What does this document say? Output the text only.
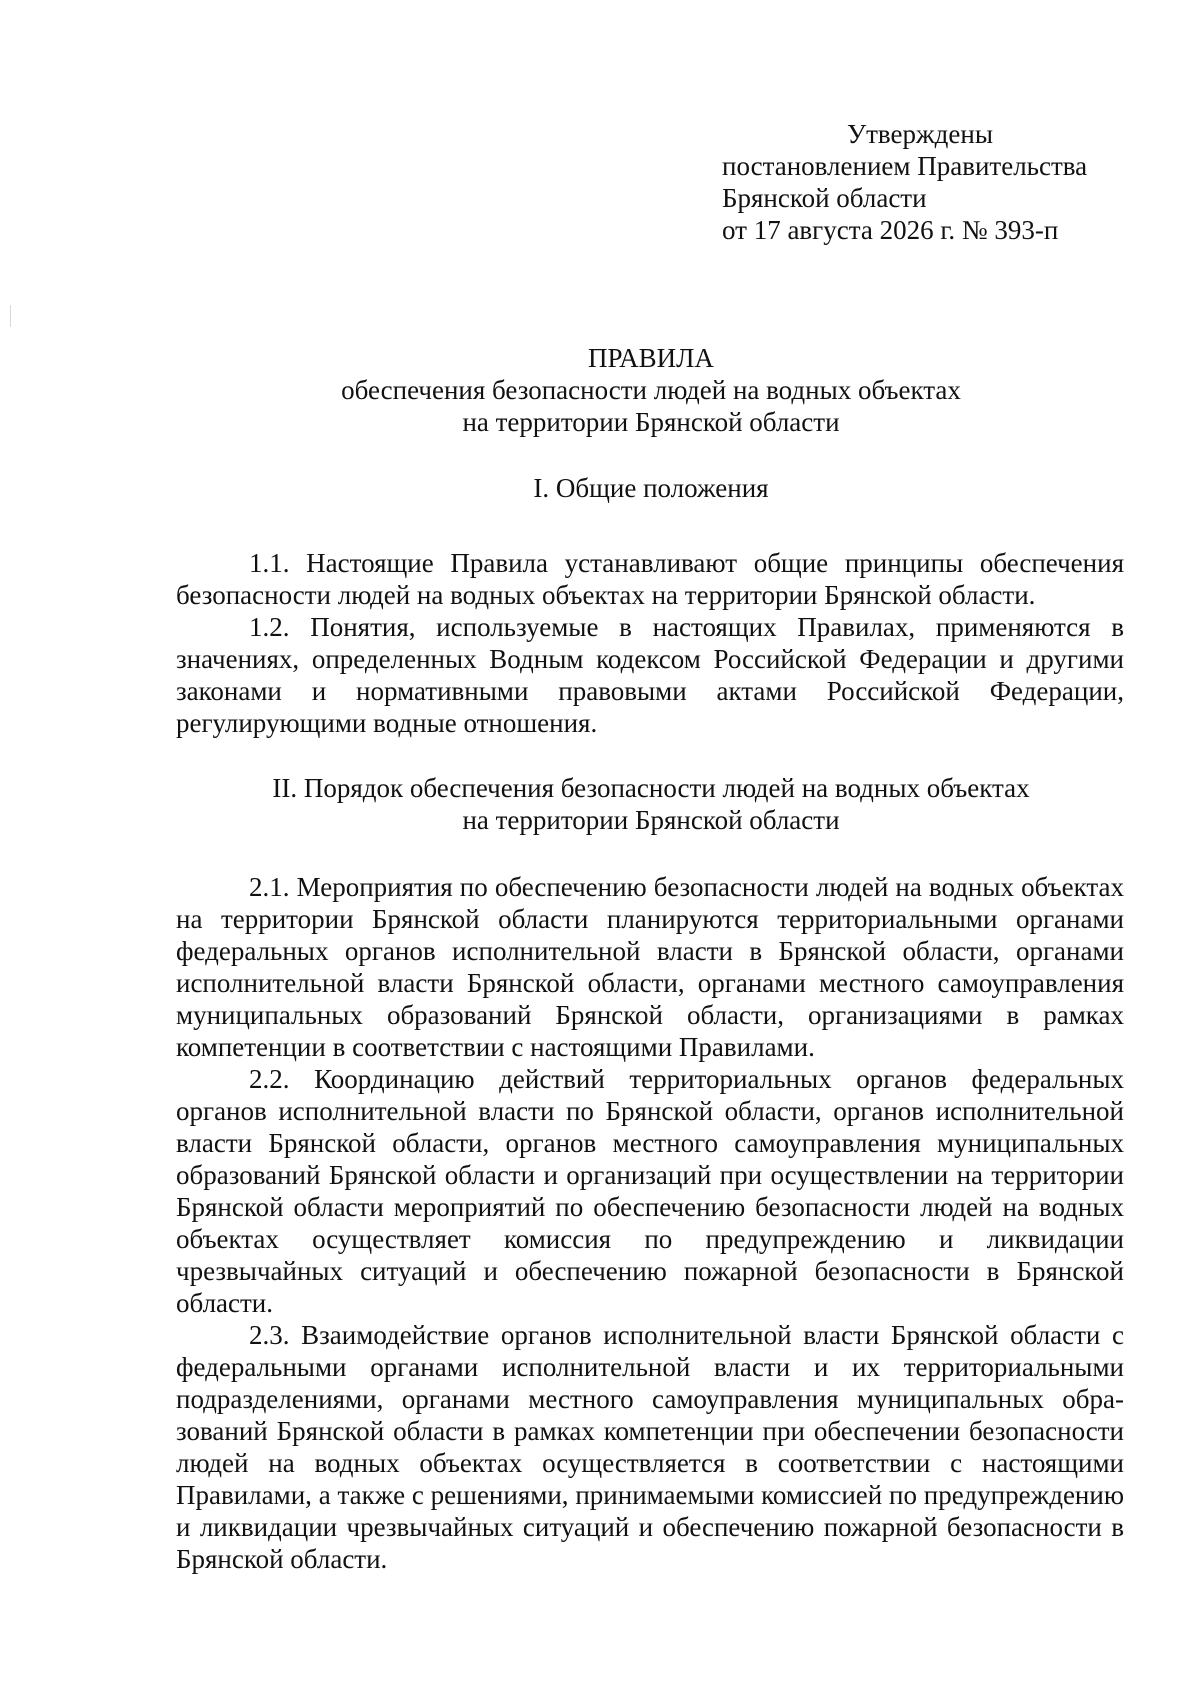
Утверждены
постановлением Правительства
Брянской области
от 17 августа 2026 г. № 393-п
ПРАВИЛА
обеспечения безопасности людей на водных объектах
на территории Брянской области
I. Общие положения

1.1. Настоящие Правила устанавливают общие принципы обеспечения безопасности людей на водных объектах на территории Брянской области.

1.2. Понятия, используемые в настоящих Правилах, применяются в значениях, определенных Водным кодексом Российской Федерации и другими законами и нормативными правовыми актами Российской Федерации, регулирующими водные отношения.

II. Порядок обеспечения безопасности людей на водных объектах
на территории Брянской области

2.1. Мероприятия по обеспечению безопасности людей на водных объектах на территории Брянской области планируются территориальными органами федеральных органов исполнительной власти в Брянской области, органами исполнительной власти Брянской области, органами местного самоуправления муниципальных образований Брянской области, организациями в рамках компетенции в соответствии с настоящими Правилами.

2.2. Координацию действий территориальных органов федеральных органов исполнительной власти по Брянской области, органов исполнительной власти Брянской области, органов местного самоуправления муниципальных образований Брянской области и организаций при осуществлении на территории Брянской области мероприятий по обеспечению безопасности людей на водных объектах осуществляет комиссия по предупреждению и ликвидации чрезвычайных ситуаций и обеспечению пожарной безопасности в Брянской области.

2.3. Взаимодействие органов исполнительной власти Брянской области с федеральными органами исполнительной власти и их территориальными подразделениями, органами местного самоуправления муниципальных образований Брянской области в рамках компетенции при обеспечении безопасности людей на водных объектах осуществляется в соответствии с настоящими Правилами, а также с решениями, принимаемыми комиссией по предупреждению и ликвидации чрезвычайных ситуаций и обеспечению пожарной безопасности в Брянской области.
